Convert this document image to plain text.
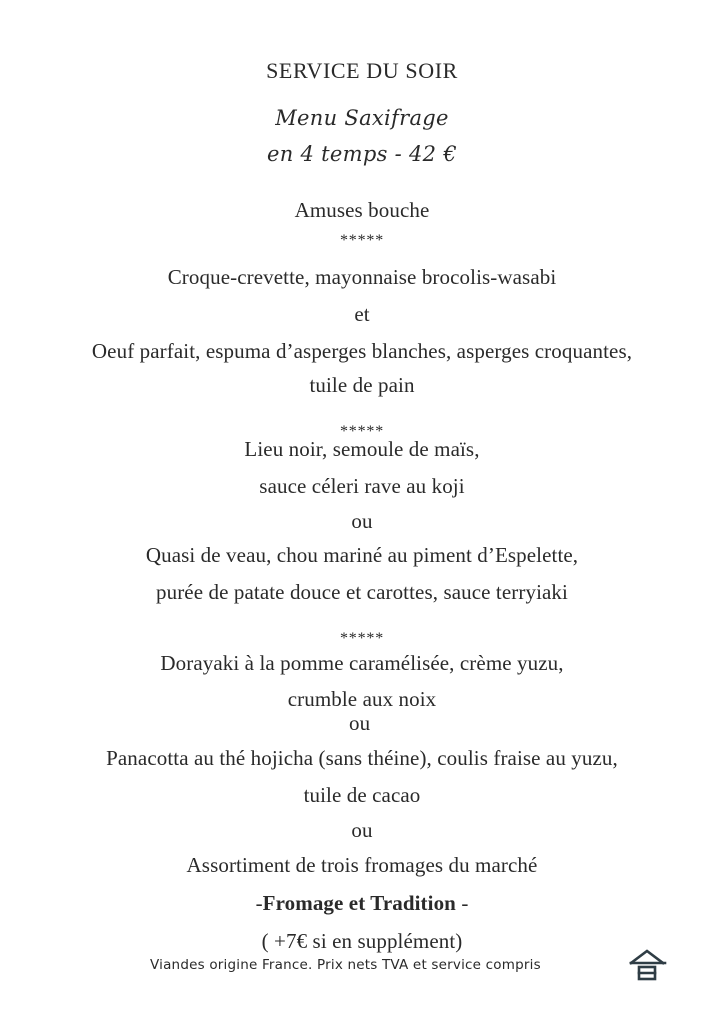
SERVICE DU SOIR
Menu Saxifrage
en 4 temps - 42 €
Amuses bouche
*****
Croque-crevette, mayonnaise brocolis-wasabi
et
Oeuf parfait, espuma d’asperges blanches, asperges croquantes,
tuile de pain
*****
Lieu noir, semoule de maïs,
sauce céleri rave au koji
ou
Quasi de veau, chou mariné au piment d’Espelette,
purée de patate douce et carottes, sauce terryiaki
*****
Dorayaki à la pomme caramélisée, crème yuzu,
crumble aux noix
ou
Panacotta au thé hojicha (sans théine), coulis fraise au yuzu,
tuile de cacao
ou
Assortiment de trois fromages du marché
-Fromage et Tradition -
( +7€ si en supplément)
Viandes origine France. Prix nets TVA et service compris
